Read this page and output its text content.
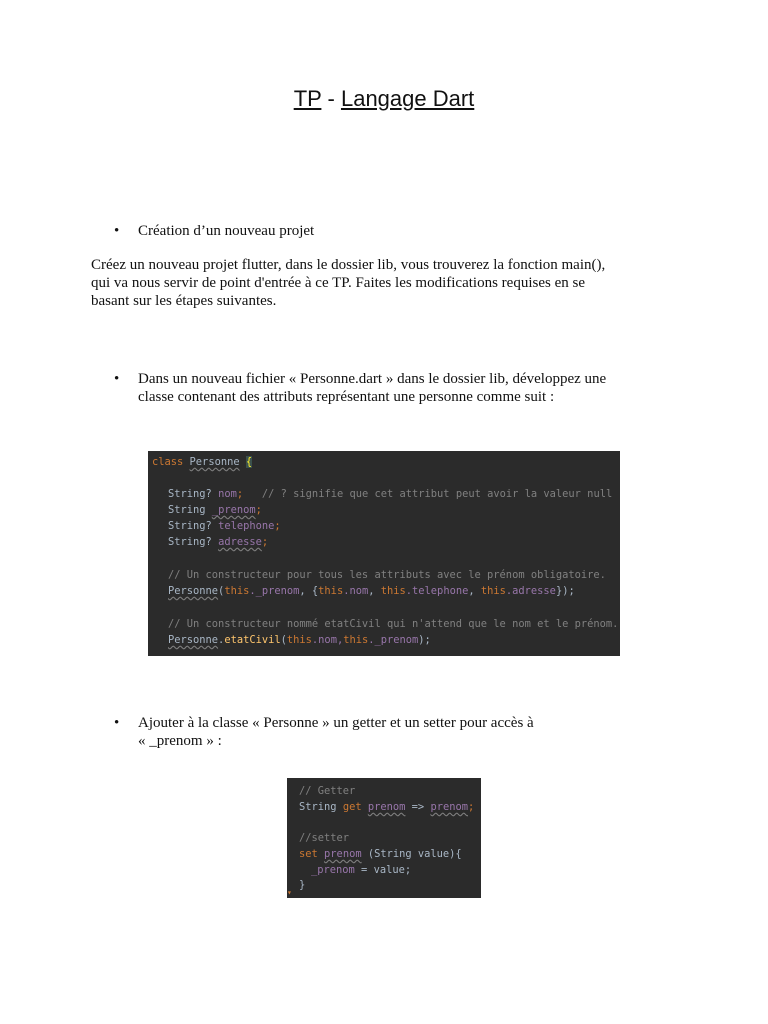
TP - Langage Dart
• Création d’un nouveau projet
Créez un nouveau projet flutter, dans le dossier lib, vous trouverez la fonction main(),
qui va nous servir de point d'entrée à ce TP. Faites les modifications requises en se
basant sur les étapes suivantes.
• Dans un nouveau fichier « Personne.dart » dans le dossier lib, développez une
classe contenant des attributs représentant une personne comme suit :
class Personne {
String? nom; // ? signifie que cet attribut peut avoir la valeur null
String _prenom;
String? telephone;
String? adresse;
// Un constructeur pour tous les attributs avec le prénom obligatoire.
Personne(this._prenom, {this.nom, this.telephone, this.adresse});
// Un constructeur nommé etatCivil qui n'attend que le nom et le prénom.
Personne.etatCivil(this.nom,this._prenom);
• Ajouter à la classe « Personne » un getter et un setter pour accès à
« _prenom » :
// Getter
String get prenom => prenom;
//setter
set prenom (String value){
_prenom = value;
}
▾
